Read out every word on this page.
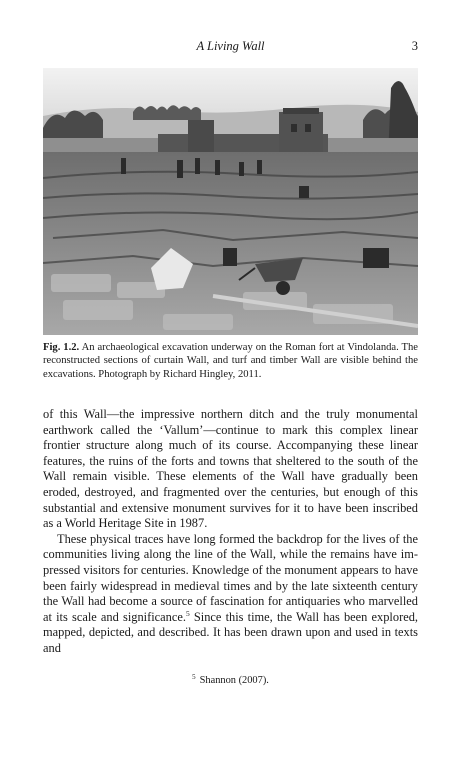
A Living Wall	3
Fig. 1.2. An archaeological excavation underway on the Roman fort at Vindolanda. The reconstructed sections of curtain Wall, and turf and timber Wall are visible behind the excavations. Photograph by Richard Hingley, 2011.

of this Wall—the impressive northern ditch and the truly monumental earthwork called the ‘Vallum’—continue to mark this complex linear frontier structure along much of its course. Accompanying these linear features, the ruins of the forts and towns that sheltered to the south of the Wall remain visible. These elements of the Wall have gradually been eroded, destroyed, and fragmented over the centuries, but enough of this substantial and extensive monument survives for it to have been inscribed as a World Heritage Site in 1987.

These physical traces have long formed the backdrop for the lives of the communities living along the line of the Wall, while the remains have impressed visitors for centuries. Knowledge of the monument appears to have been fairly widespread in medieval times and by the late sixteenth century the Wall had become a source of fascination for antiquaries who marvelled at its scale and significance.$^5$ Since this time, the Wall has been explored, mapped, depicted, and described. It has been drawn upon and used in texts and

$^5$ Shannon (2007).
